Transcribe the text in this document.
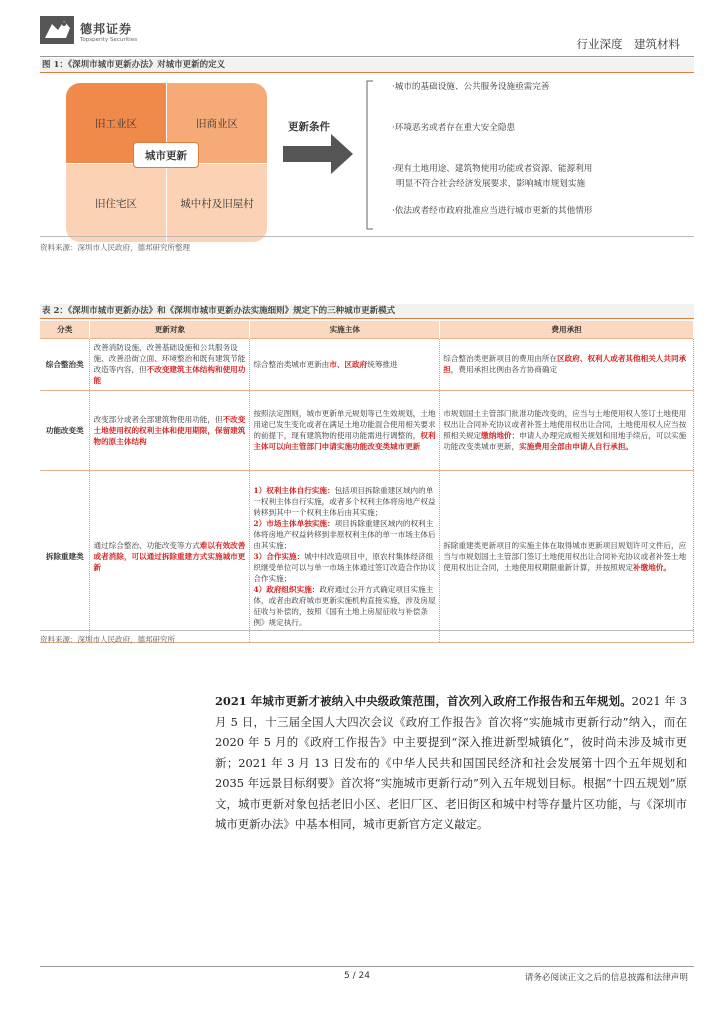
德邦证券
Topsperity Securities	行业深度　建筑材料
图 1：《深圳市城市更新办法》对城市更新的定义
旧工业区	旧商业区
旧住宅区	城中村及旧屋村
城市更新
更新条件
·城市的基础设施、公共服务设施亟需完善
·环境恶劣或者存在重大安全隐患
·现有土地用途、建筑物使用功能或者资源、能源利用
明显不符合社会经济发展要求，影响城市规划实施
·依法或者经市政府批准应当进行城市更新的其他情形
资料来源：深圳市人民政府，德邦研究所整理
表 2：《深圳市城市更新办法》和《深圳市城市更新办法实施细则》规定下的三种城市更新模式
分类	更新对象	实施主体	费用承担
综合整治类	改善消防设施、改善基础设施和公共服务设施、改善沿街立面、环境整治和既有建筑节能改造等内容，但不改变建筑主体结构和使用功能	综合整治类城市更新由市、区政府统筹推进	综合整治类更新项目的费用由所在区政府、权利人或者其他相关人共同承担，费用承担比例由各方协商确定
功能改变类	改变部分或者全部建筑物使用功能，但不改变土地使用权的权利主体和使用期限，保留建筑物的原主体结构	按照法定图则，城市更新单元规划等已生效规划，土地用途已发生变化或者在满足土地功能混合使用相关要求的前提下，现有建筑物的使用功能需进行调整的，权利主体可以向主管部门申请实施功能改变类城市更新	市规划国土主管部门批准功能改变的，应当与土地使用权人签订土地使用权出让合同补充协议或者补签土地使用权出让合同，土地使用权人应当按照相关规定缴纳地价；申请人办理完成相关规划和用地手续后，可以实施功能改变类城市更新，实施费用全部由申请人自行承担。
拆除重建类	通过综合整治、功能改变等方式难以有效改善或者消除，可以通过拆除重建方式实施城市更新	1）权利主体自行实施：包括项目拆除重建区域内的单一权利主体自行实施，或者多个权利主体将房地产权益转移到其中一个权利主体后由其实施；
2）市场主体单独实施：项目拆除重建区域内的权利主体将房地产权益转移到非原权利主体的单一市场主体后由其实施；
3）合作实施：城中村改造项目中，原农村集体经济组织继受单位可以与单一市场主体通过签订改造合作协议合作实施；
4）政府组织实施：政府通过公开方式确定项目实施主体，或者由政府城市更新实施机构直接实施，涉及房屋征收与补偿的，按照《国有土地上房屋征收与补偿条例》规定执行。	拆除重建类更新项目的实施主体在取得城市更新项目规划许可文件后，应当与市规划国土主管部门签订土地使用权出让合同补充协议或者补签土地使用权出让合同，土地使用权期限重新计算，并按照规定补缴地价。
资料来源：深圳市人民政府，德邦研究所
2021 年城市更新才被纳入中央级政策范围，首次列入政府工作报告和五年规划。2021 年 3 月 5 日，十三届全国人大四次会议《政府工作报告》首次将“实施城市更新行动”纳入，而在 2020 年 5 月的《政府工作报告》中主要提到“深入推进新型城镇化”，彼时尚未涉及城市更新；2021 年 3 月 13 日发布的《中华人民共和国国民经济和社会发展第十四个五年规划和 2035 年远景目标纲要》首次将“实施城市更新行动”列入五年规划目标。根据“十四五规划”原文，城市更新对象包括老旧小区、老旧厂区、老旧街区和城中村等存量片区功能，与《深圳市城市更新办法》中基本相同，城市更新官方定义敲定。
5 / 24	请务必阅读正文之后的信息披露和法律声明
